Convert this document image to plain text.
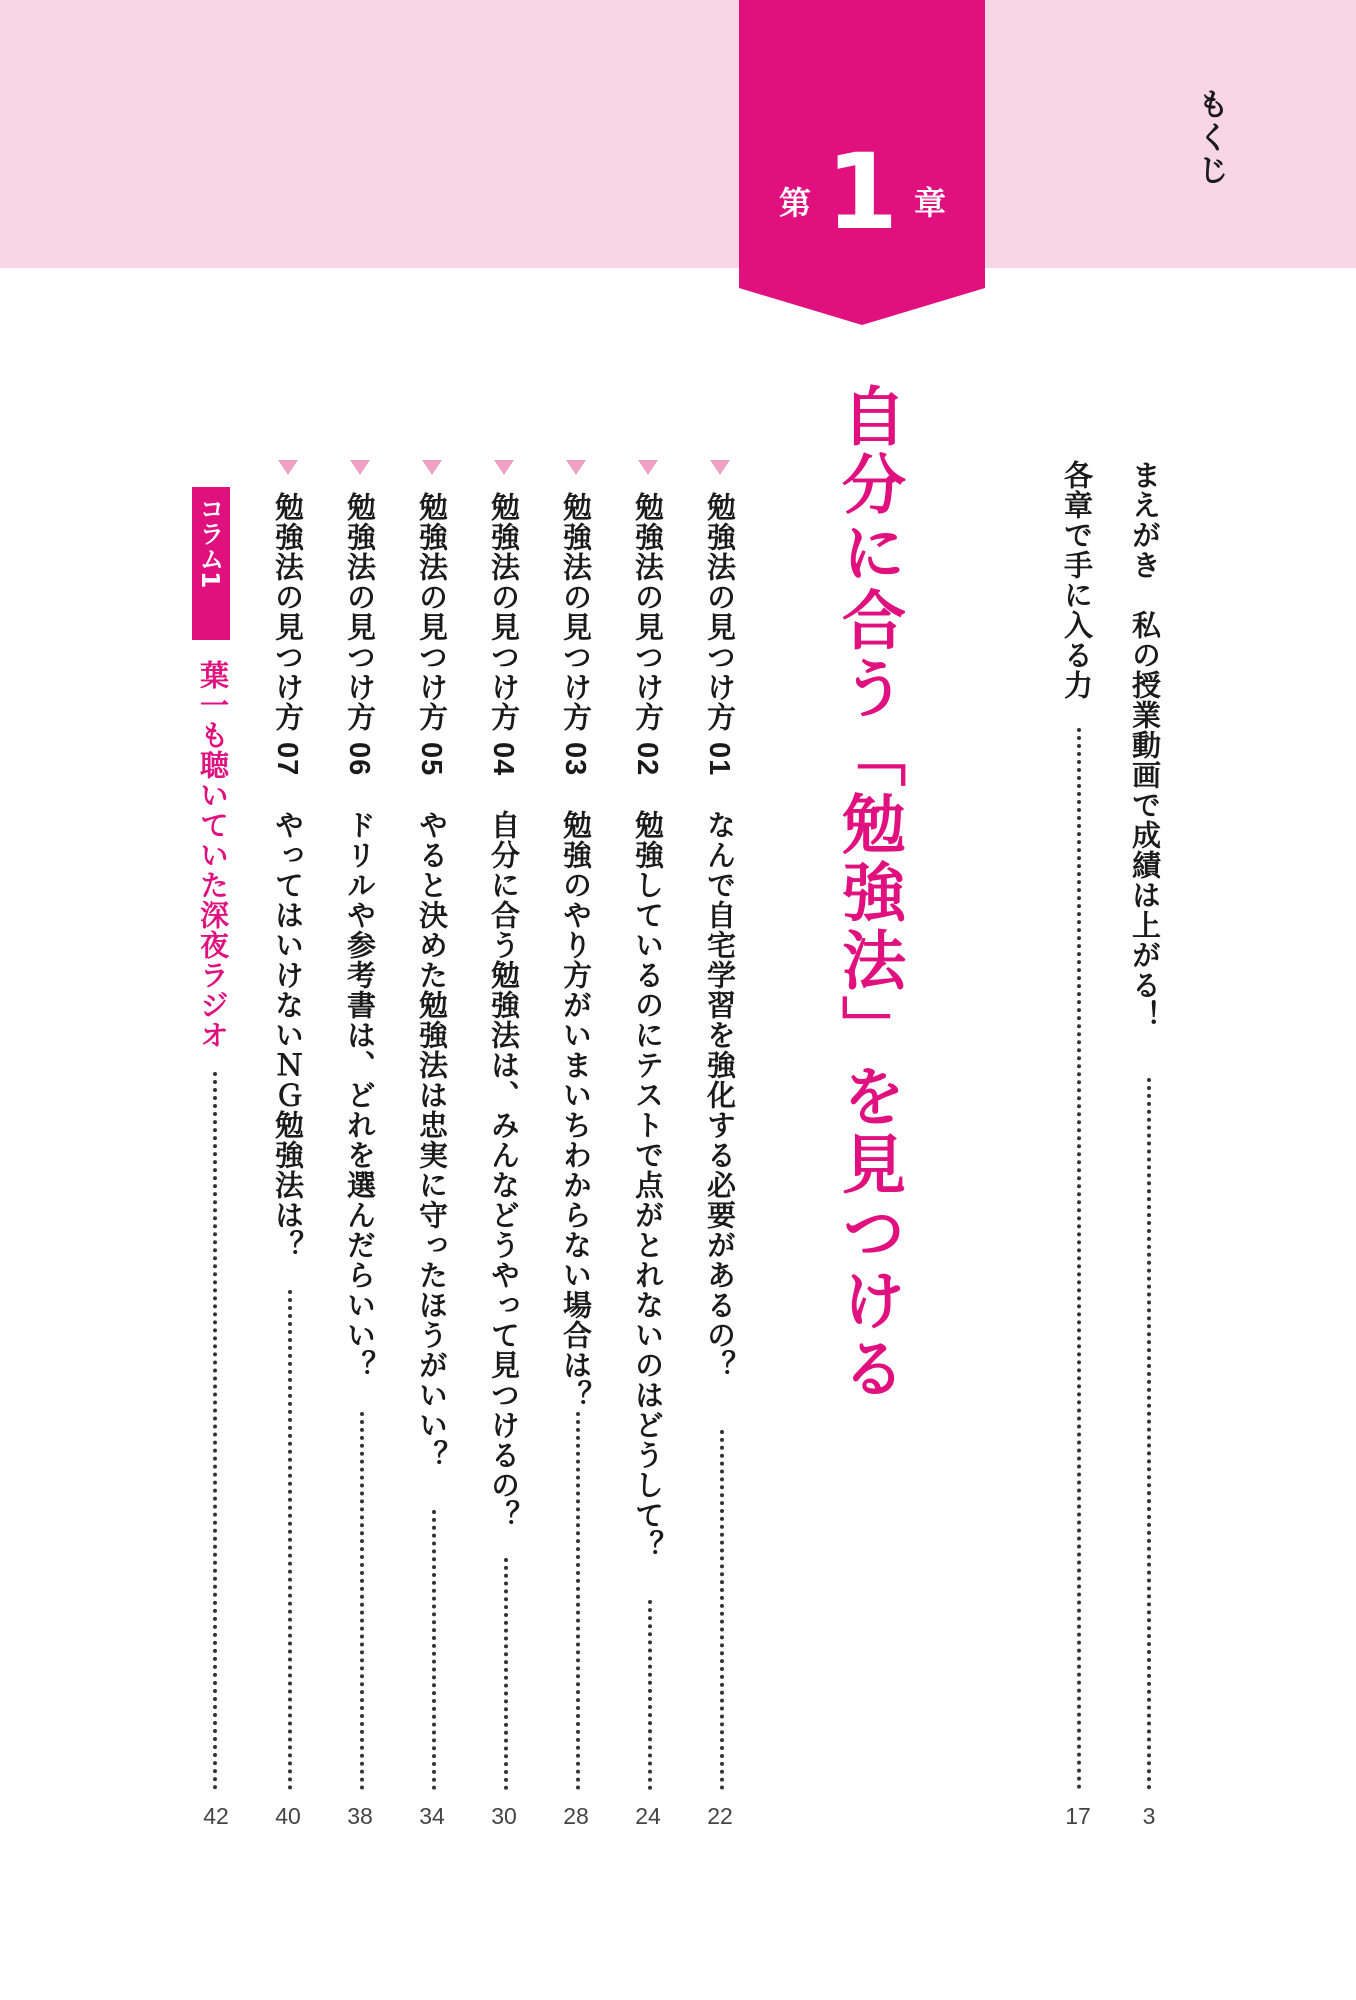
第 1 章
もくじ
まえがき　私の授業動画で成績は上がる！
3
各章で手に入る力
17
自分に合う「勉強法」を見つける
勉強法の見つけ方
01
なんで自宅学習を強化する必要があるの？
22
勉強法の見つけ方
02
勉強しているのにテストで点がとれないのはどうして？
24
勉強法の見つけ方
03
勉強のやり方がいまいちわからない場合は？
28
勉強法の見つけ方
04
自分に合う勉強法は、みんなどうやって見つけるの？
30
勉強法の見つけ方
05
やると決めた勉強法は忠実に守ったほうがいい？
34
勉強法の見つけ方
06
ドリルや参考書は、どれを選んだらいい？
38
勉強法の見つけ方
07
やってはいけないＮＧ勉強法は？
40
コラム1
葉一も聴いていた深夜ラジオ
42
